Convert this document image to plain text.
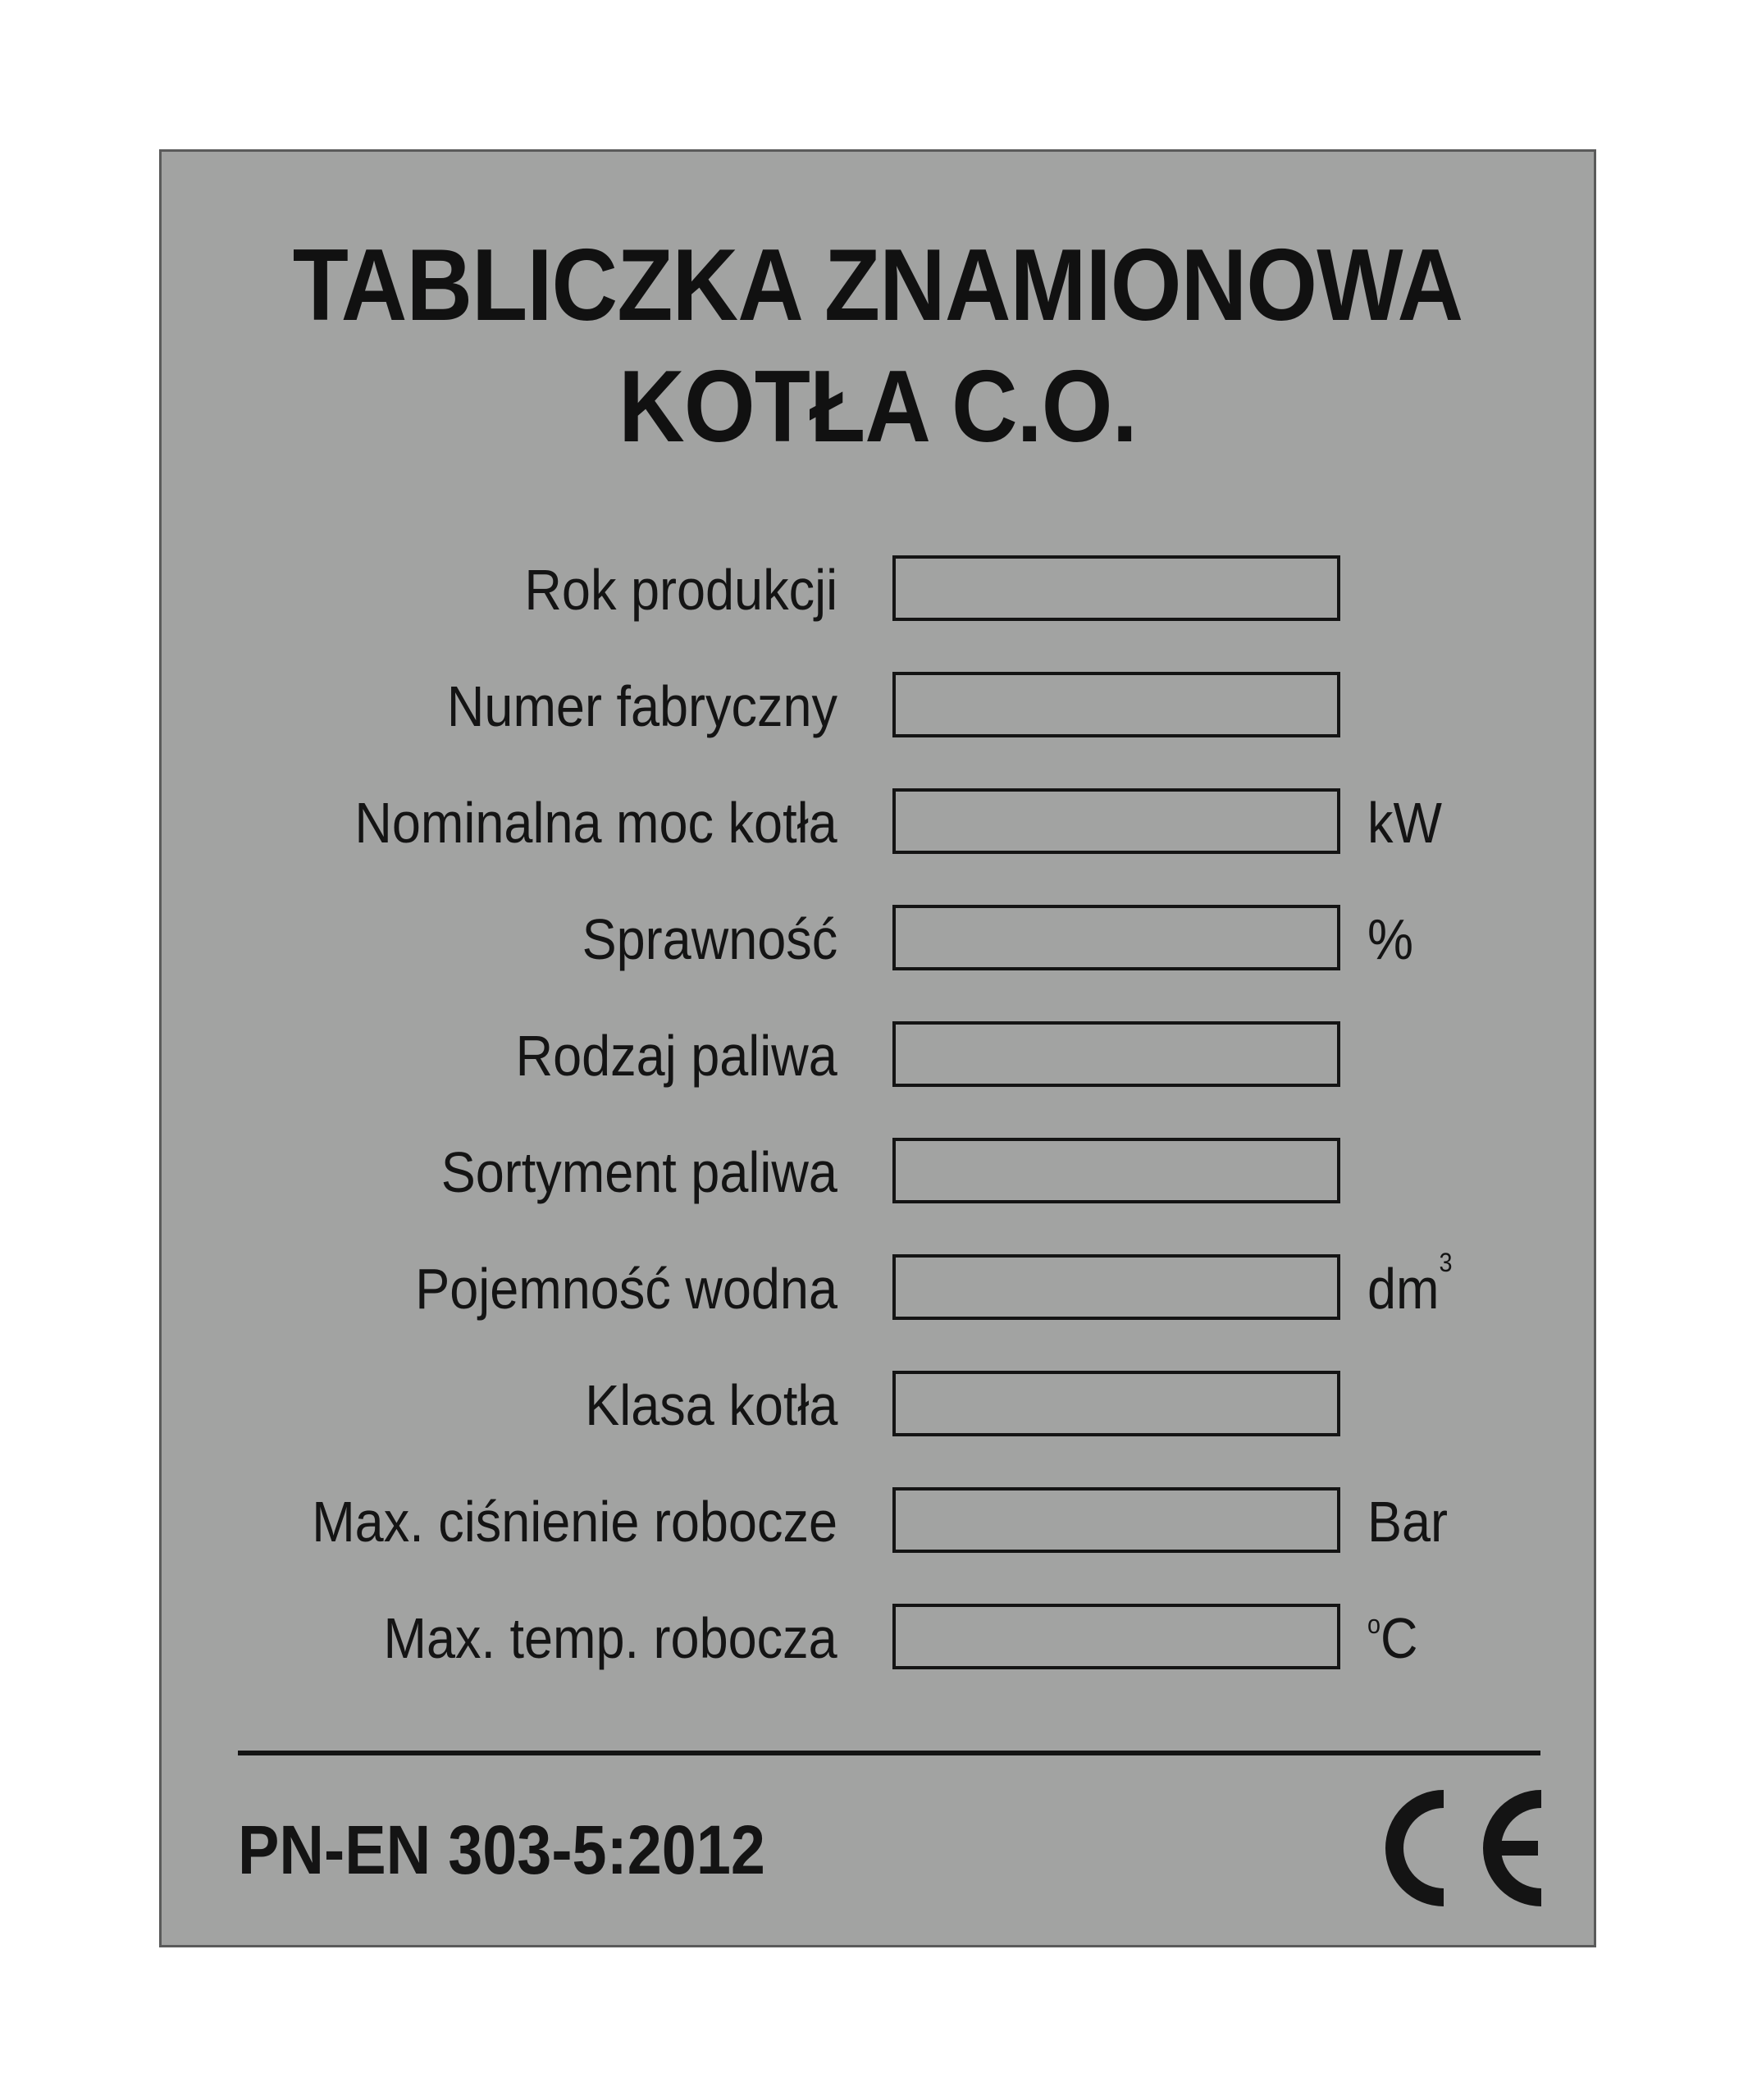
TABLICZKA ZNAMIONOWA
KOTŁA C.O.
Rok produkcji
Numer fabryczny
Nominalna moc kotła	kW
Sprawność	%
Rodzaj paliwa
Sortyment paliwa
Pojemność wodna	$dm^3$
Klasa kotła
Max. ciśnienie robocze	Bar
Max. temp. robocza	$^o$C
PN-EN 303-5:2012
